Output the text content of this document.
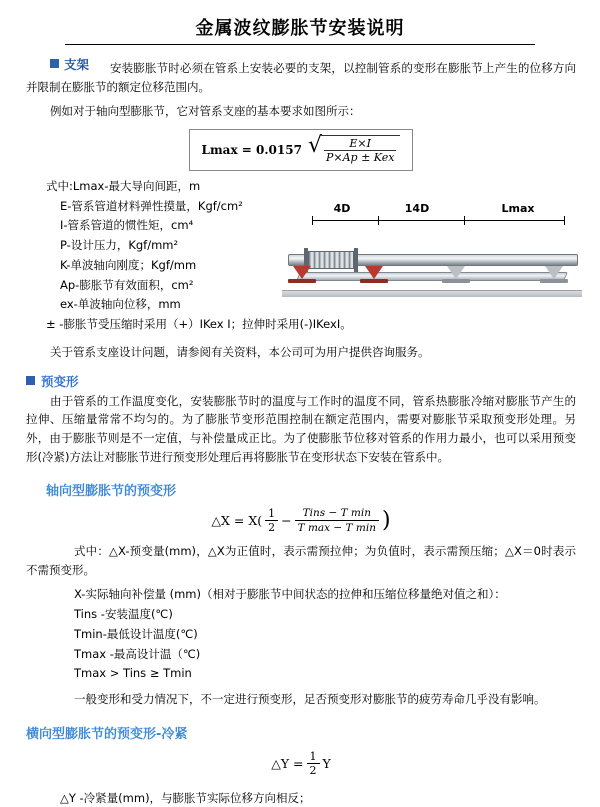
金属波纹膨胀节安装说明
支架	安装膨胀节时必须在管系上安装必要的支架，以控制管系的变形在膨胀节上产生的位移方向并限制在膨胀节的额定位移范围内。

例如对于轴向型膨胀节，它对管系支座的基本要求如图所示：

Lmax = 0.0157 √
$\frac{E\times I}{\text{P×Ap ± Kex}}$
式中:Lmax-最大导向间距，m
E-管系管道材料弹性摸量，Kgf/cm²
I-管系管道的惯性矩，cm⁴
P-设计压力，Kgf/mm²
K-单波轴向刚度；Kgf/mm
Ap-膨胀节有效面积，cm²
ex-单波轴向位移，mm
± -膨胀节受压缩时采用（+）IKex I；拉伸时采用(-)IKexI。

关于管系支座设计问题，请参阅有关资料，本公司可为用户提供咨询服务。

预变形

由于管系的工作温度变化，安装膨胀节时的温度与工作时的温度不同，管系热膨胀冷缩对膨胀节产生的拉伸、压缩量常常不均匀的。为了膨胀节变形范围控制在额定范围内，需要对膨胀节采取预变形处理。另外，由于膨胀节则是不一定值，与补偿量成正比。为了使膨胀节位移对管系的作用力最小，也可以采用预变形(冷紧)方法让对膨胀节进行预变形处理后再将膨胀节在变形状态下安装在管系中。

轴向型膨胀节的预变形
△X = X( 1
2 −	Tins − T min
T max − T min )

式中：△X-预变量(mm)，△X为正值时，表示需预拉伸；为负值时，表示需预压缩；△X＝0时表示不需预变形。

X-实际轴向补偿量 (mm)（相对于膨胀节中间状态的拉伸和压缩位移量绝对值之和）：
Tins -安装温度(℃)
Tmin-最低设计温度(℃)
Tmax -最高设计温（℃)
Tmax > Tins ≥ Tmin

一般变形和受力情况下，不一定进行预变形，足否预变形对膨胀节的疲劳寿命几乎没有影响。

横向型膨胀节的预变形-冷紧
△Y = $\frac{1}{2}$ Y

△Y -冷紧量(mm)，与膨胀节实际位移方向相反；

4D	14D	Lmax
